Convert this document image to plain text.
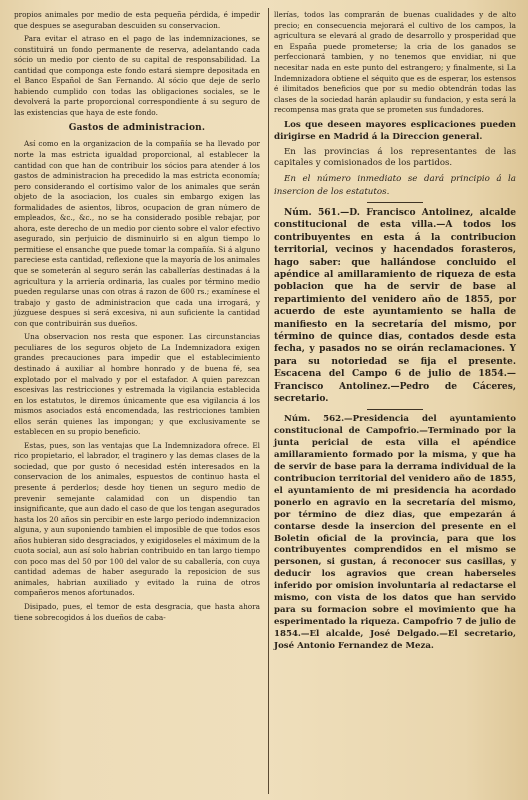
propios animales por medio de esta pequeña pérdida, é impedir que despues se aseguraban descuiden su conservacion.

Para evitar el atraso en el pago de las indemnizaciones, se constituirá un fondo permanente de reserva, adelantando cada sócio un medio por ciento de su capital de responsabilidad. La cantidad que componga este fondo estará siempre depositada en el Banco Español de San Fernando. Al sócio que deje de serlo habiendo cumplido con todas las obligaciones sociales, se le devolverá la parte proporcional correspondiente á su seguro de las existencias que haya de este fondo.

Gastos de administracion.

Así como en la organizacion de la compañía se ha llevado por norte la mas estricta igualdad proporcional, al establecer la cantidad con que han de contribuir los sócios para atender á los gastos de administracion ha precedido la mas estricta economía; pero considerando el cortísimo valor de los animales que serán objeto de la asociacion, los cuales sin embargo exigen las formalidades de asientos, libros, ocupacion de gran número de empleados, &c., &c., no se ha considerado posible rebajar, por ahora, este derecho de un medio por ciento sobre el valor efectivo asegurado, sin perjuicio de disminuirlo si en algun tiempo lo permitiese el ensanche que puede tomar la compañía. Si á alguno pareciese esta cantidad, reflexione que la mayoría de los animales que se someterán al seguro serán las caballerías destinadas á la agricultura y la arriería ordinaria, las cuales por término medio pueden regularse unas con otras á razon de 600 rs.; examínese el trabajo y gasto de administracion que cada una irrogará, y júzguese despues si será excesiva, ni aun suficiente la cantidad con que contribuirán sus dueños.

Una observacion nos resta que esponer. Las circunstancias peculiares de los seguros objeto de La Indemnizadora exigen grandes precauciones para impedir que el establecimiento destinado á auxiliar al hombre honrado y de buena fé, sea explotado por el malvado y por el estafador. A quien parezcan escesivas las restricciones y estremada la vigilancia establecida en los estatutos, le diremos únicamente que esa vigilancia á los mismos asociados está encomendada, las restricciones tambien ellos serán quienes las impongan; y que exclusivamente se establecen en su propio beneficio.

Estas, pues, son las ventajas que La Indemnizadora ofrece. El rico propietario, el labrador, el traginero y las demas clases de la sociedad, que por gusto ó necesidad estén interesados en la conservacion de los animales, espuestos de continuo hasta el presente á perderlos; desde hoy tienen un seguro medio de prevenir semejante calamidad con un dispendio tan insignificante, que aun dado el caso de que los tengan asegurados hasta los 20 años sin percibir en este largo periodo indemnizacion alguna, y aun suponiendo tambien el imposible de que todos esos años hubieran sido desgraciados, y exigidoseles el máximum de la cuota social, aun así solo habrian contribuido en tan largo tiempo con poco mas del 50 por 100 del valor de su caballería, con cuya cantidad ademas de haber asegurado la reposicion de sus animales, habrian auxiliado y evitado la ruina de otros compañeros menos afortunados.

Disipado, pues, el temor de esta desgracia, que hasta ahora tiene sobrecogidos á los dueños de caba-

llerías, todos las comprarán de buenas cualidades y de alto precio; en consecuencia mejorará el cultivo de los campos, la agricultura se elevará al grado de desarrollo y prosperidad que en España puede prometerse; la cria de los ganados se perfeccionará tambien, y no tenemos que envidiar, ni que necesitar nada en este punto del estrangero; y finalmente, si La Indemnizadora obtiene el séquito que es de esperar, los estensos é ilimitados beneficios que por su medio obtendrán todas las clases de la sociedad harán aplaudir su fundacion, y esta será la recompensa mas grata que se prometen sus fundadores.

Los que deseen mayores esplicaciones pueden dirigirse en Madrid á la Direccion general.

En las provincias á los representantes de las capitales y comisionados de los partidos.

En el número inmediato se dará principio á la insercion de los estatutos.

Núm. 561.—D. Francisco Antolinez, alcalde constitucional de esta villa.—A todos los contribuyentes en esta á la contribucion territorial, vecinos y hacendados forasteros, hago saber: que hallándose concluido el apéndice al amillaramiento de riqueza de esta poblacion que ha de servir de base al repartimiento del venidero año de 1855, por acuerdo de este ayuntamiento se halla de manifiesto en la secretaría del mismo, por término de quince dias, contados desde esta fecha, y pasados no se oirán reclamaciones. Y para su notoriedad se fija el presente. Escacena del Campo 6 de julio de 1854.—Francisco Antolinez.—Pedro de Cáceres, secretario.

Núm. 562.—Presidencia del ayuntamiento constitucional de Campofrio.—Terminado por la junta pericial de esta villa el apéndice amillaramiento formado por la misma, y que ha de servir de base para la derrama individual de la contribucion territorial del venidero año de 1855, el ayuntamiento de mi presidencia ha acordado ponerlo en agravio en la secretaría del mismo, por término de diez dias, que empezarán á contarse desde la insercion del presente en el Boletin oficial de la provincia, para que los contribuyentes comprendidos en el mismo se personen, si gustan, á reconocer sus casillas, y deducir los agravios que crean haberseles inferido por omision involuntaria al redactarse el mismo, con vista de los datos que han servido para su formacion sobre el movimiento que ha esperimentado la riqueza. Campofrio 7 de julio de 1854.—El alcalde, José Delgado.—El secretario, José Antonio Fernandez de Meza.
